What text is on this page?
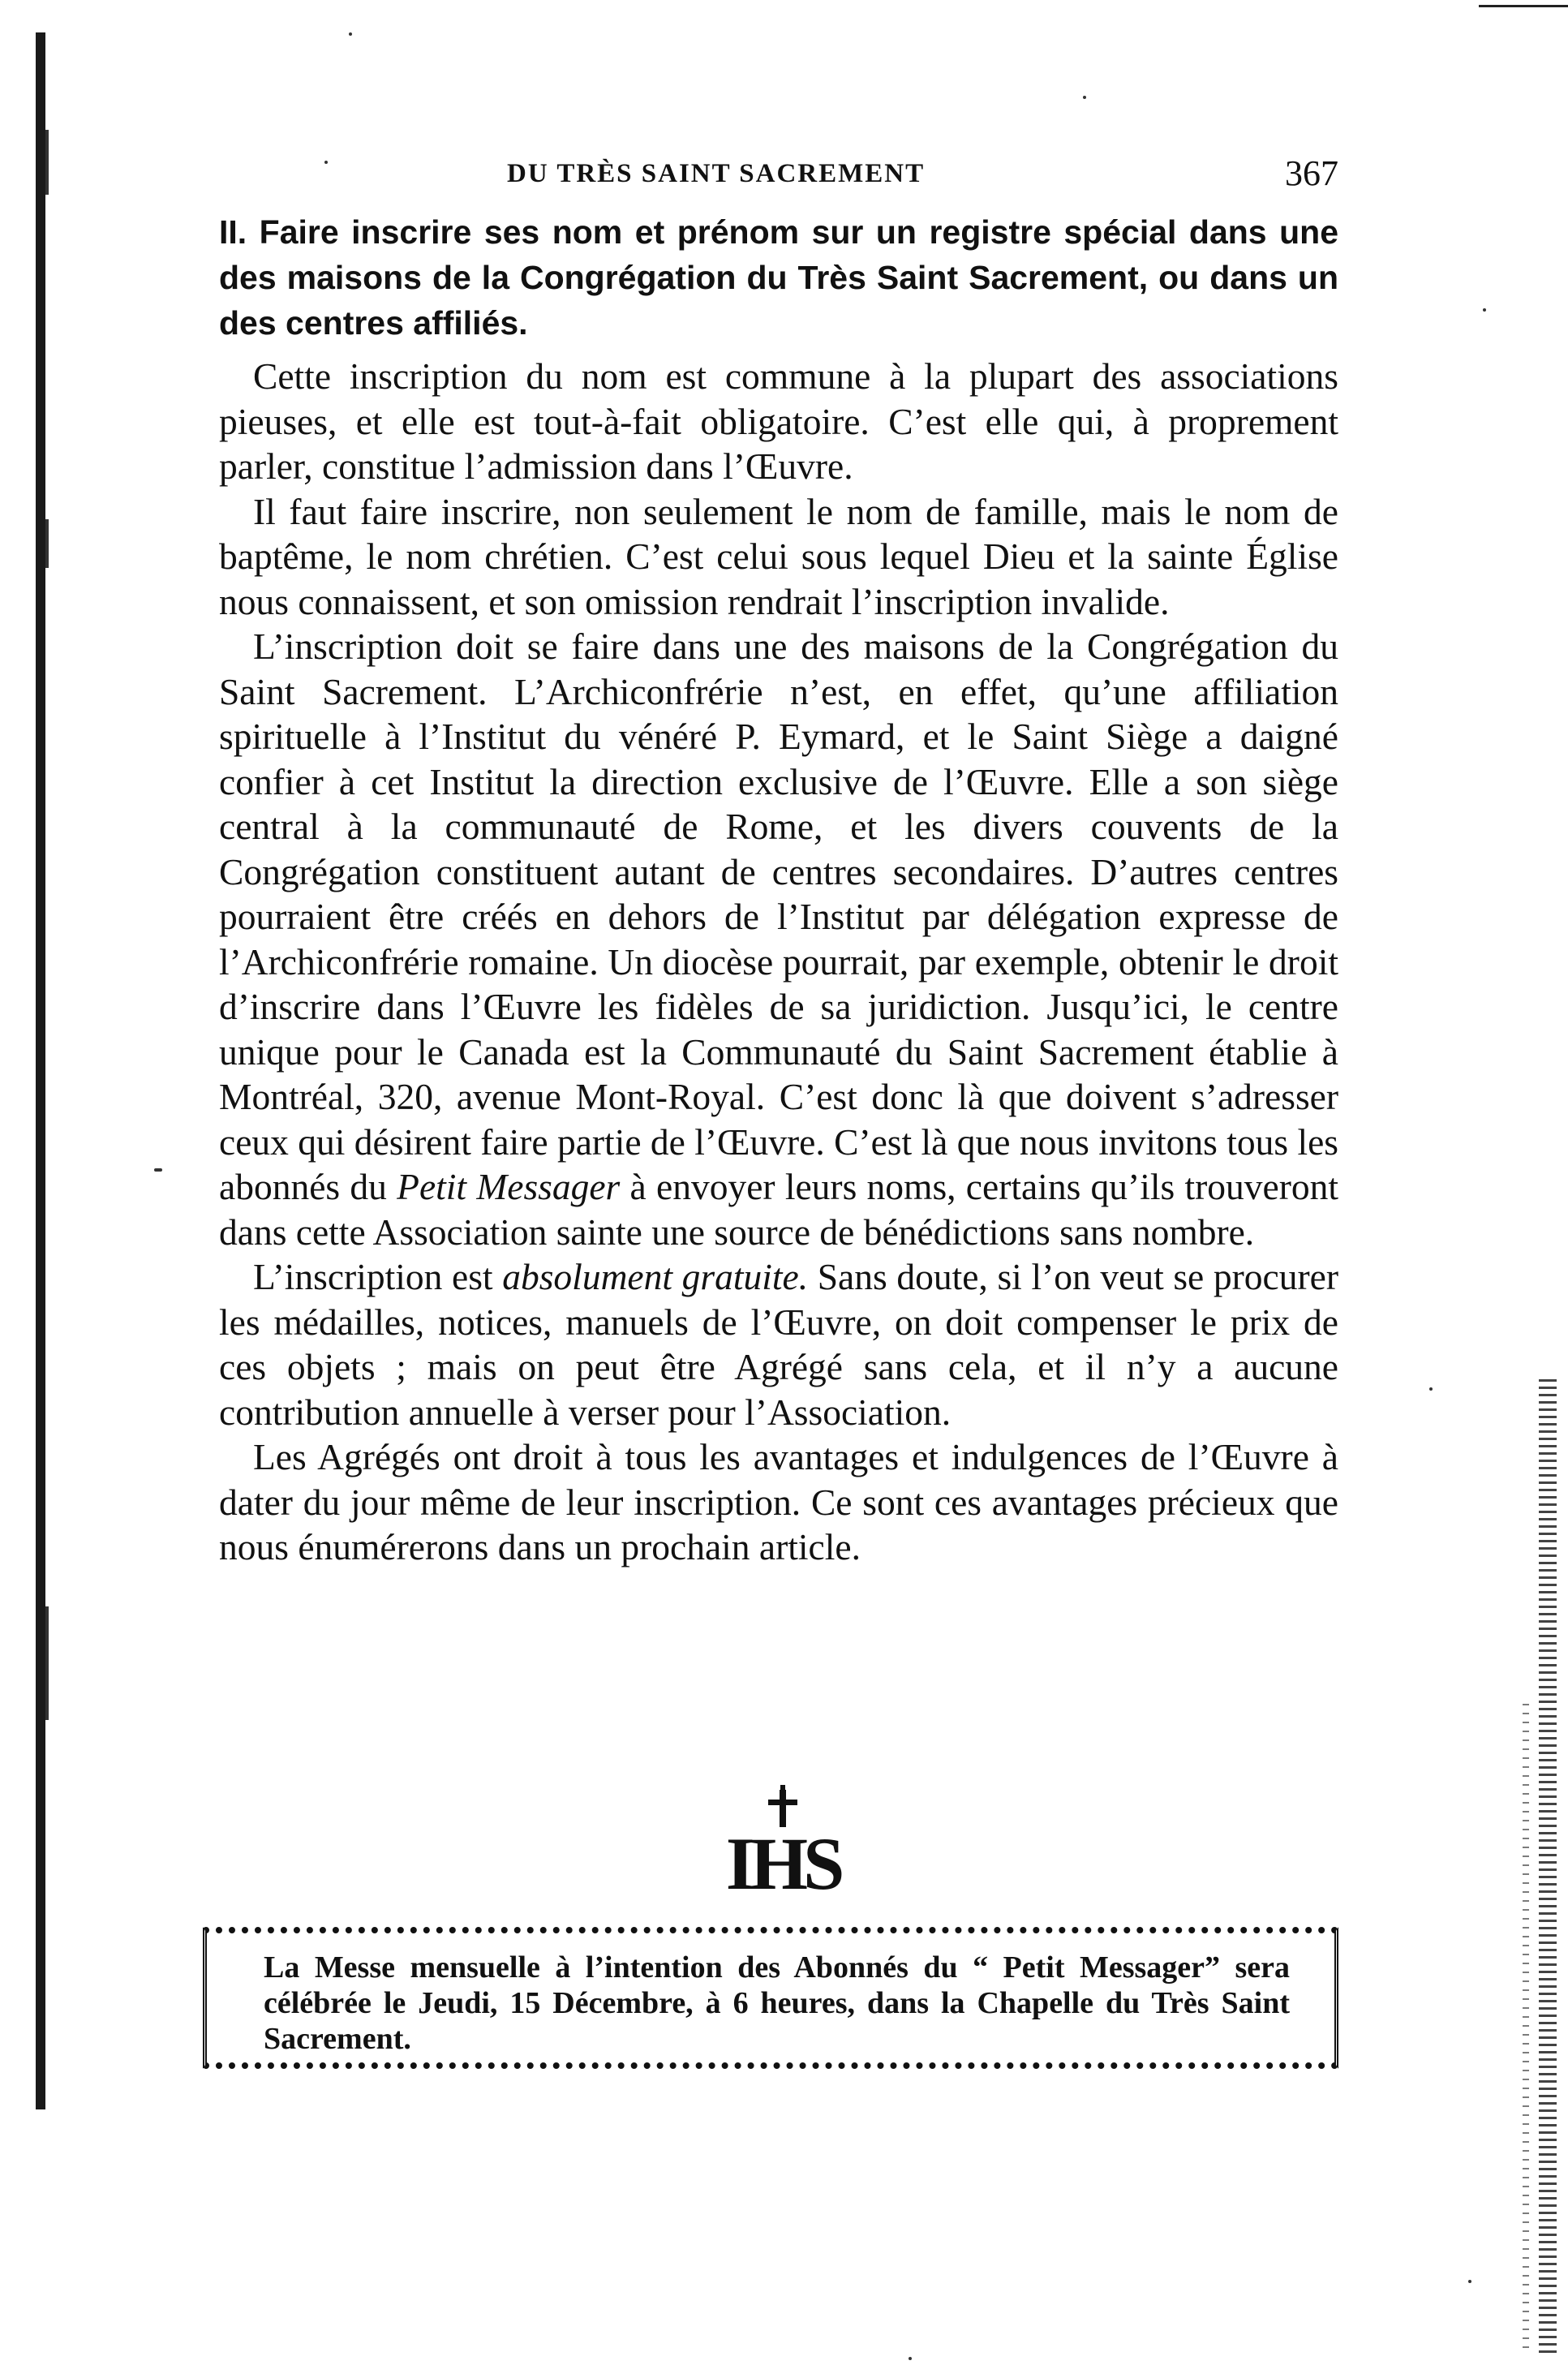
DU TRÈS SAINT SACREMENT	367
II. Faire inscrire ses nom et prénom sur un registre spécial dans une des maisons de la Congrégation du Très Saint Sacrement, ou dans un des centres affiliés.

Cette inscription du nom est commune à la plupart des associations pieuses, et elle est tout-à-fait obligatoire. C’est elle qui, à proprement parler, constitue l’admission dans l’Œuvre.

Il faut faire inscrire, non seulement le nom de famille, mais le nom de baptême, le nom chrétien. C’est celui sous lequel Dieu et la sainte Église nous connaissent, et son omission rendrait l’inscription invalide.

L’inscription doit se faire dans une des maisons de la Congrégation du Saint Sacrement. L’Archiconfrérie n’est, en effet, qu’une affiliation spirituelle à l’Institut du vénéré P. Eymard, et le Saint Siège a daigné confier à cet Institut la direction exclusive de l’Œuvre. Elle a son siège central à la communauté de Rome, et les divers couvents de la Congrégation constituent autant de centres secondaires. D’autres centres pourraient être créés en dehors de l’Institut par délégation expresse de l’Archiconfrérie romaine. Un diocèse pourrait, par exemple, obtenir le droit d’inscrire dans l’Œuvre les fidèles de sa juridiction. Jusqu’ici, le centre unique pour le Canada est la Communauté du Saint Sacrement établie à Montréal, 320, avenue Mont-Royal. C’est donc là que doivent s’adresser ceux qui désirent faire partie de l’Œuvre. C’est là que nous invitons tous les abonnés du Petit Messager à envoyer leurs noms, certains qu’ils trouveront dans cette Association sainte une source de bénédictions sans nombre.

L’inscription est absolument gratuite. Sans doute, si l’on veut se procurer les médailles, notices, manuels de l’Œuvre, on doit compenser le prix de ces objets ; mais on peut être Agrégé sans cela, et il n’y a aucune contribution annuelle à verser pour l’Association.

Les Agrégés ont droit à tous les avantages et indulgences de l’Œuvre à dater du jour même de leur inscription. Ce sont ces avantages précieux que nous énumérerons dans un prochain article.

IHS

La Messe mensuelle à l’intention des Abonnés du “ Petit Messager” sera célébrée le Jeudi, 15 Décembre, à 6 heures, dans la Chapelle du Très Saint Sacrement.
